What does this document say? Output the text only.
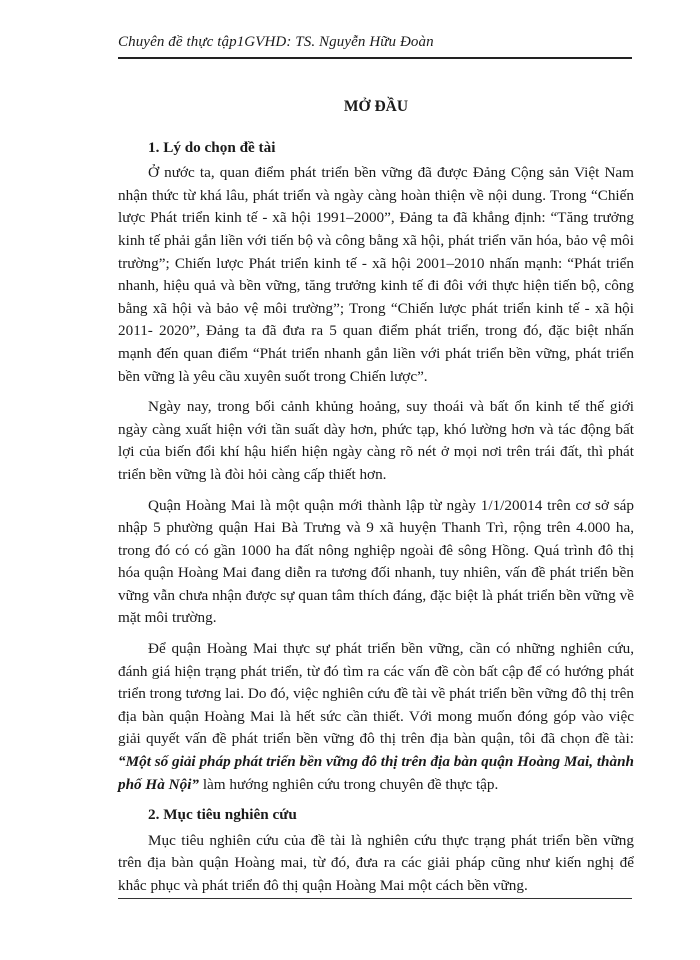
Chuyên đề thực tập1GVHD: TS. Nguyễn Hữu Đoàn
MỞ ĐẦU
1. Lý do chọn đề tài

Ở nước ta, quan điểm phát triển bền vững đã được Đảng Cộng sản Việt Nam nhận thức từ khá lâu, phát triển và ngày càng hoàn thiện về nội dung. Trong “Chiến lược Phát triển kinh tế - xã hội 1991–2000”, Đảng ta đã khẳng định: “Tăng trưởng kinh tế phải gắn liền với tiến bộ và công bằng xã hội, phát triển văn hóa, bảo vệ môi trường”; Chiến lược Phát triển kinh tế - xã hội 2001–2010 nhấn mạnh: “Phát triển nhanh, hiệu quả và bền vững, tăng trưởng kinh tế đi đôi với thực hiện tiến bộ, công bằng xã hội và bảo vệ môi trường”; Trong “Chiến lược phát triển kinh tế - xã hội 2011- 2020”, Đảng ta đã đưa ra 5 quan điểm phát triển, trong đó, đặc biệt nhấn mạnh đến quan điểm “Phát triển nhanh gắn liền với phát triển bền vững, phát triển bền vững là yêu cầu xuyên suốt trong Chiến lược”.

Ngày nay, trong bối cảnh khủng hoảng, suy thoái và bất ổn kinh tế thế giới ngày càng xuất hiện với tần suất dày hơn, phức tạp, khó lường hơn và tác động bất lợi của biến đổi khí hậu hiển hiện ngày càng rõ nét ở mọi nơi trên trái đất, thì phát triển bền vững là đòi hỏi càng cấp thiết hơn.

Quận Hoàng Mai là một quận mới thành lập từ ngày 1/1/20014 trên cơ sở sáp nhập 5 phường quận Hai Bà Trưng và 9 xã huyện Thanh Trì, rộng trên 4.000 ha, trong đó có có gần 1000 ha đất nông nghiệp ngoài đê sông Hồng. Quá trình đô thị hóa quận Hoàng Mai đang diễn ra tương đối nhanh, tuy nhiên, vấn đề phát triển bền vững vẫn chưa nhận được sự quan tâm thích đáng, đặc biệt là phát triển bền vững về mặt môi trường.

Để quận Hoàng Mai thực sự phát triển bền vững, cần có những nghiên cứu, đánh giá hiện trạng phát triển, từ đó tìm ra các vấn đề còn bất cập để có hướng phát triển trong tương lai. Do đó, việc nghiên cứu đề tài về phát triển bền vững đô thị trên địa bàn quận Hoàng Mai là hết sức cần thiết. Với mong muốn đóng góp vào việc giải quyết vấn đề phát triển bền vững đô thị trên địa bàn quận, tôi đã chọn đề tài: “Một số giải pháp phát triển bền vững đô thị trên địa bàn quận Hoàng Mai, thành phố Hà Nội” làm hướng nghiên cứu trong chuyên đề thực tập.

2. Mục tiêu nghiên cứu

Mục tiêu nghiên cứu của đề tài là nghiên cứu thực trạng phát triển bền vững trên địa bàn quận Hoàng mai, từ đó, đưa ra các giải pháp cũng như kiến nghị để khắc phục và phát triển đô thị quận Hoàng Mai một cách bền vững.
